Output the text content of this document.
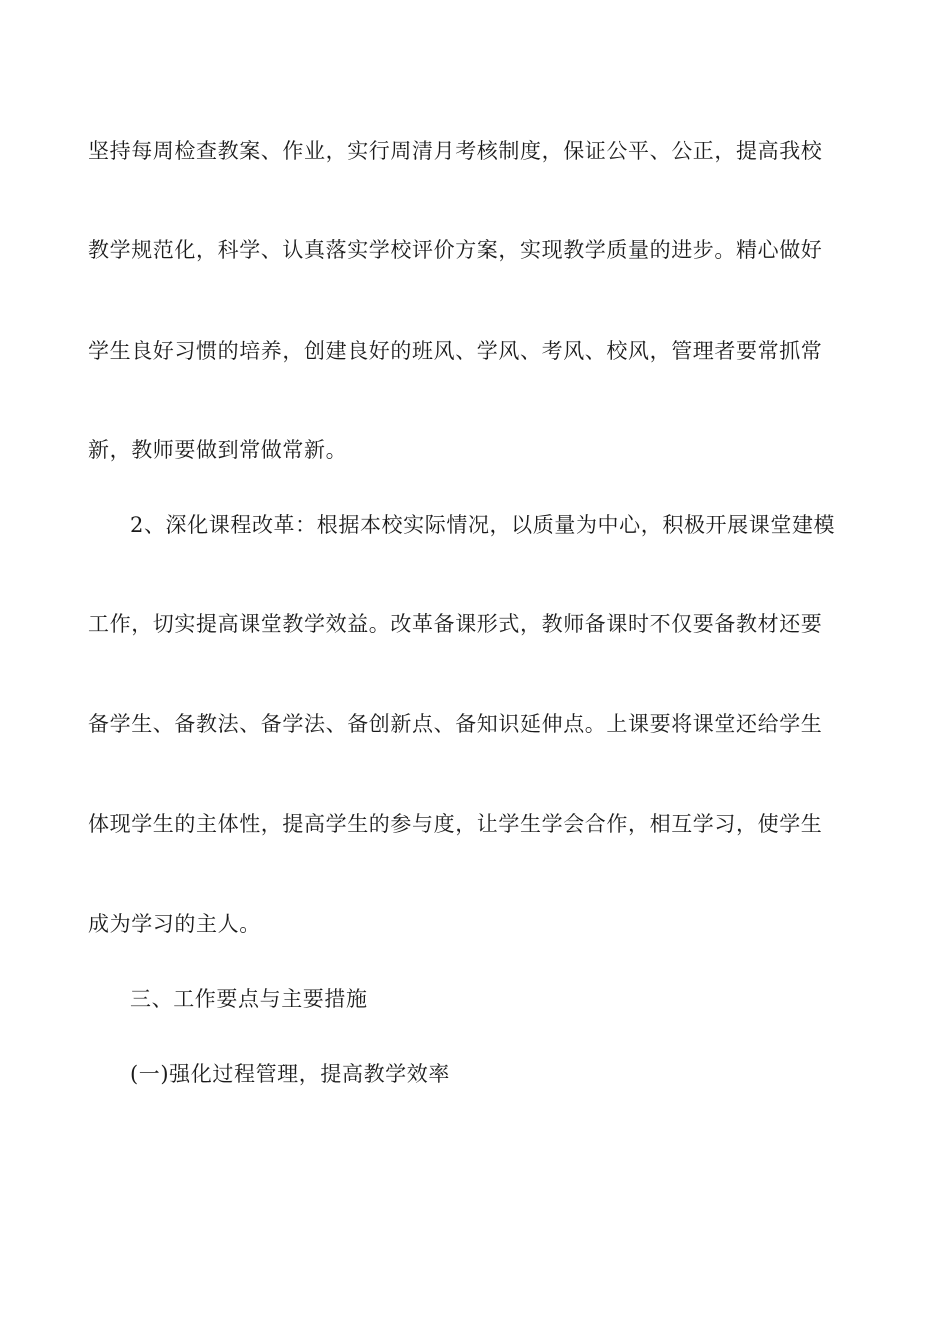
坚持每周检查教案、作业，实行周清月考核制度，保证公平、公正，提高我校
教学规范化，科学、认真落实学校评价方案，实现教学质量的进步。精心做好
学生良好习惯的培养，创建良好的班风、学风、考风、校风，管理者要常抓常
新，教师要做到常做常新。
2、深化课程改革：根据本校实际情况，以质量为中心，积极开展课堂建模
工作，切实提高课堂教学效益。改革备课形式，教师备课时不仅要备教材还要
备学生、备教法、备学法、备创新点、备知识延伸点。上课要将课堂还给学生
体现学生的主体性，提高学生的参与度，让学生学会合作，相互学习，使学生
成为学习的主人。
三、工作要点与主要措施
(一)强化过程管理，提高教学效率
